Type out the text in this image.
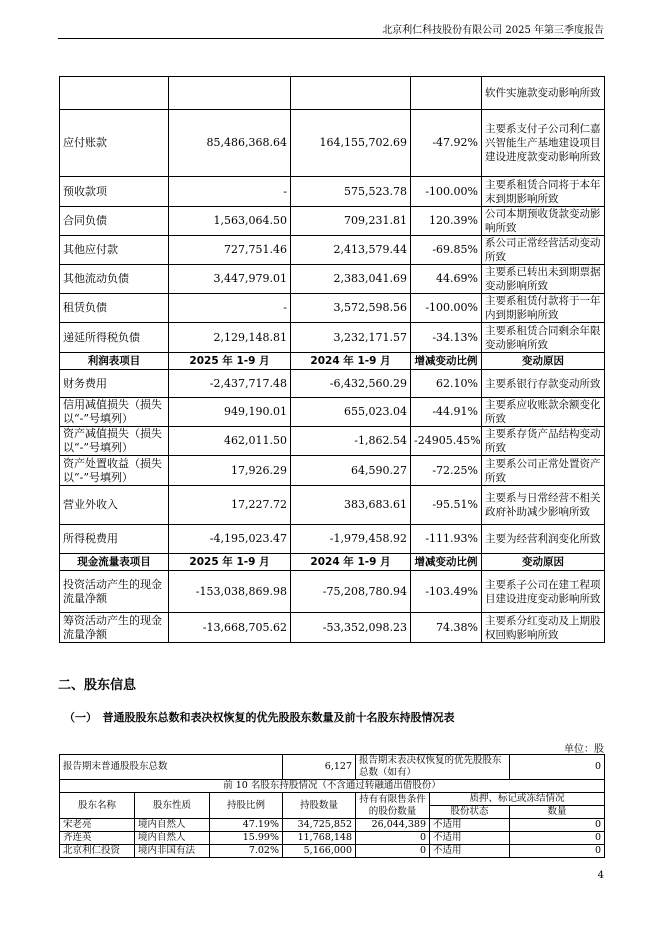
北京利仁科技股份有限公司 2025 年第三季度报告
				软件实施款变动影响所致
应付账款	85,486,368.64	164,155,702.69	-47.92%	主要系支付子公司利仁嘉兴智能生产基地建设项目建设进度款变动影响所致
预收款项	-	575,523.78	-100.00%	主要系租赁合同将于本年末到期影响所致
合同负债	1,563,064.50	709,231.81	120.39%	公司本期预收货款变动影响所致
其他应付款	727,751.46	2,413,579.44	-69.85%	系公司正常经营活动变动所致
其他流动负债	3,447,979.01	2,383,041.69	44.69%	主要系已转出未到期票据变动影响所致
租赁负债	-	3,572,598.56	-100.00%	主要系租赁付款将于一年内到期影响所致
递延所得税负债	2,129,148.81	3,232,171.57	-34.13%	主要系租赁合同剩余年限变动影响所致
利润表项目	2025 年 1-9 月	2024 年 1-9 月	增减变动比例	变动原因
财务费用	-2,437,717.48	-6,432,560.29	62.10%	主要系银行存款变动所致
信用减值损失（损失以“-”号填列）	949,190.01	655,023.04	-44.91%	主要系应收账款余额变化所致
资产减值损失（损失以“-”号填列）	462,011.50	-1,862.54	-24905.45%	主要系存货产品结构变动所致
资产处置收益（损失以“-”号填列）	17,926.29	64,590.27	-72.25%	主要系公司正常处置资产所致
营业外收入	17,227.72	383,683.61	-95.51%	主要系与日常经营不相关政府补助减少影响所致
所得税费用	-4,195,023.47	-1,979,458.92	-111.93%	主要为经营利润变化所致
现金流量表项目	2025 年 1-9 月	2024 年 1-9 月	增减变动比例	变动原因
投资活动产生的现金流量净额	-153,038,869.98	-75,208,780.94	-103.49%	主要系子公司在建工程项目建设进度变动影响所致
筹资活动产生的现金流量净额	-13,668,705.62	-53,352,098.23	74.38%	主要系分红变动及上期股权回购影响所致
二、股东信息
（一）　普通股股东总数和表决权恢复的优先股股东数量及前十名股东持股情况表
单位：股
报告期末普通股股东总数			6,127	报告期末表决权恢复的优先股股东总数（如有）		0
前 10 名股东持股情况（不含通过转融通出借股份）						
股东名称	股东性质	持股比例	持股数量	持有有限售条件的股份数量	质押、标记或冻结情况	
					股份状态	数量
宋老亮	境内自然人	47.19%	34,725,852	26,044,389	不适用	0
齐连英	境内自然人	15.99%	11,768,148	0	不适用	0
北京利仁投资	境内非国有法	7.02%	5,166,000	0	不适用	0
4
